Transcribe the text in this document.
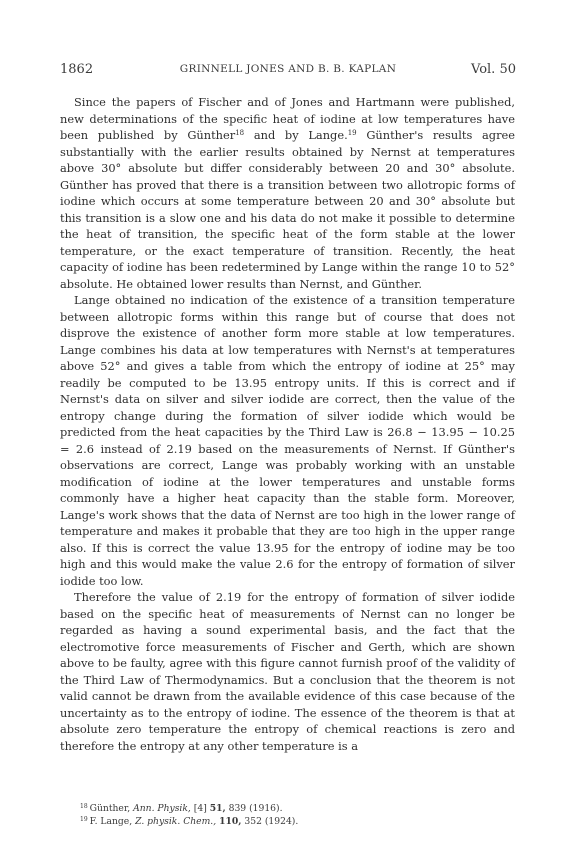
1862	GRINNELL JONES AND B. B. KAPLAN	Vol. 50

Since the papers of Fischer and of Jones and Hartmann were published, new determinations of the specific heat of iodine at low temperatures have been published by Günther$^{18}$ and by Lange.$^{19}$ Günther's results agree substantially with the earlier results obtained by Nernst at temperatures above 30° absolute but differ considerably between 20 and 30° absolute. Günther has proved that there is a transition between two allotropic forms of iodine which occurs at some temperature between 20 and 30° absolute but this transition is a slow one and his data do not make it possible to determine the heat of transition, the specific heat of the form stable at the lower temperature, or the exact temperature of transition. Recently, the heat capacity of iodine has been redetermined by Lange within the range 10 to 52° absolute. He obtained lower results than Nernst, and Günther.

Lange obtained no indication of the existence of a transition temperature between allotropic forms within this range but of course that does not disprove the existence of another form more stable at low temperatures. Lange combines his data at low temperatures with Nernst's at temperatures above 52° and gives a table from which the entropy of iodine at 25° may readily be computed to be 13.95 entropy units. If this is correct and if Nernst's data on silver and silver iodide are correct, then the value of the entropy change during the formation of silver iodide which would be predicted from the heat capacities by the Third Law is 26.8 − 13.95 − 10.25 = 2.6 instead of 2.19 based on the measurements of Nernst. If Günther's observations are correct, Lange was probably working with an unstable modification of iodine at the lower temperatures and unstable forms commonly have a higher heat capacity than the stable form. Moreover, Lange's work shows that the data of Nernst are too high in the lower range of temperature and makes it probable that they are too high in the upper range also. If this is correct the value 13.95 for the entropy of iodine may be too high and this would make the value 2.6 for the entropy of formation of silver iodide too low.

Therefore the value of 2.19 for the entropy of formation of silver iodide based on the specific heat of measurements of Nernst can no longer be regarded as having a sound experimental basis, and the fact that the electromotive force measurements of Fischer and Gerth, which are shown above to be faulty, agree with this figure cannot furnish proof of the validity of the Third Law of Thermodynamics. But a conclusion that the theorem is not valid cannot be drawn from the available evidence of this case because of the uncertainty as to the entropy of iodine. The essence of the theorem is that at absolute zero temperature the entropy of chemical reactions is zero and therefore the entropy at any other temperature is a

$^{18}$ Günther, Ann. Physik, [4] 51, 839 (1916).
$^{19}$ F. Lange, Z. physik. Chem., 110, 352 (1924).
